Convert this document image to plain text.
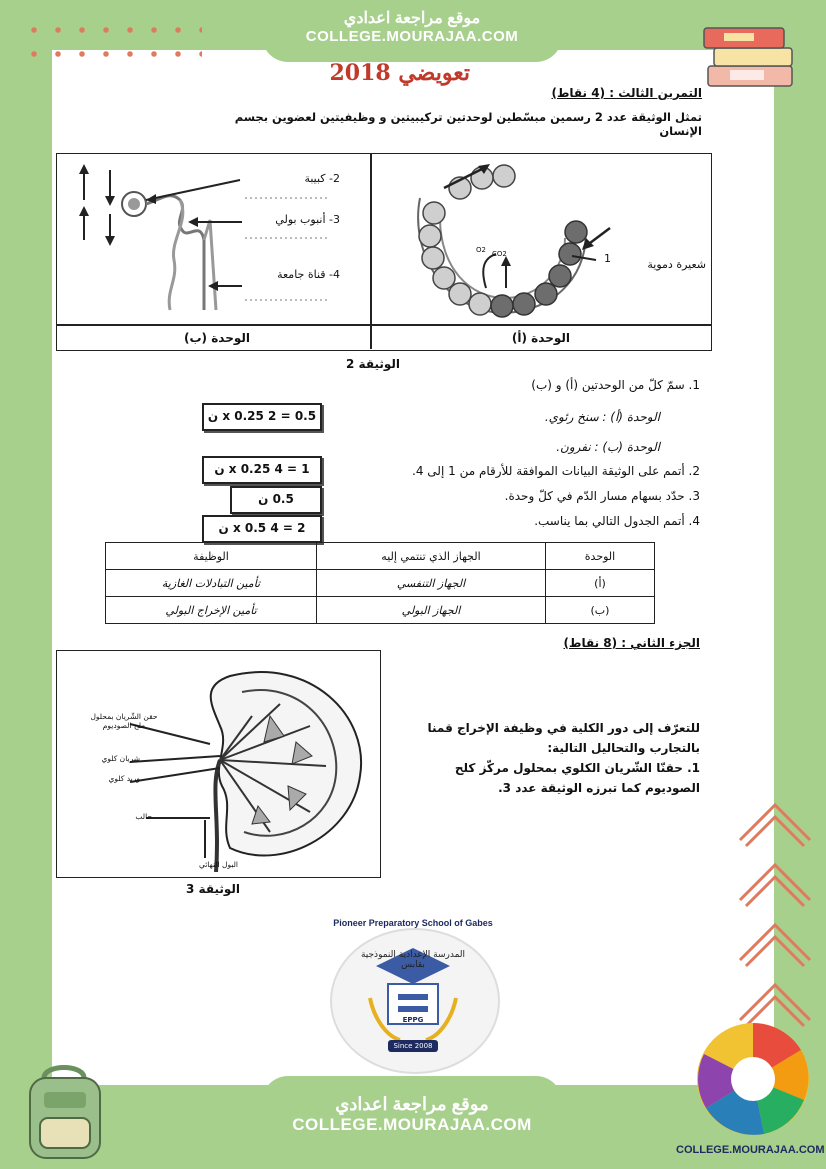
موقع مراجعة اعدادي
COLLEGE.MOURAJAA.COM
تعويضي 2018
التمرين الثالث : (4 نقاط)
تمثل الوثيقة عدد 2 رسمين مبسّطين لوحدتين تركيبيتين و وظيفيتين لعضوين بجسم الإنسان
2- كبيبة
3- أنبوب بولي
4- قناة جامعة
O2 CO2	1	شعيرة دموية
الوحدة (ب)	الوحدة (أ)
الوثيقة 2
1. سمّ كلّ من الوحدتين (أ) و (ب)
الوحدة (أ) : سنخ رئوي.
الوحدة (ب) : نفرون.
2. أتمم على الوثيقة البيانات الموافقة للأرقام من 1 إلى 4.
3. حدّد بسهام مسار الدّم في كلّ وحدة.
4. أتمم الجدول التالي بما يناسب.
0.5 = 2 x 0.25 ن
1 = 4 x 0.25 ن
0.5 ن
2 = 4 x 0.5 ن
الوحدة	الجهاز الذي تنتمي إليه	الوظيفة
(أ)	الجهاز التنفسي	تأمين التبادلات الغازية
(ب)	الجهاز البولي	تأمين الإخراج البولي
الجزء الثاني : (8 نقاط)
حقن الشّريان بمحلول ملح الصوديوم
شريان كلوي
وريد كلوي
حالب
البول النهائي
الوثيقة 3
للتعرّف إلى دور الكلية في وظيفة الإخراج قمنا بالتجارب والتحاليل التالية:
1. حقنّا الشّريان الكلوي بمحلول مركّز كلح الصوديوم كما تبرزه الوثيقة عدد 3.
Pioneer Preparatory School of Gabes
المدرسة الإعدادية النموذجية بقابس
EPPG
Since 2008
موقع مراجعة اعدادي
COLLEGE.MOURAJAA.COM
COLLEGE.MOURAJAA.COM
